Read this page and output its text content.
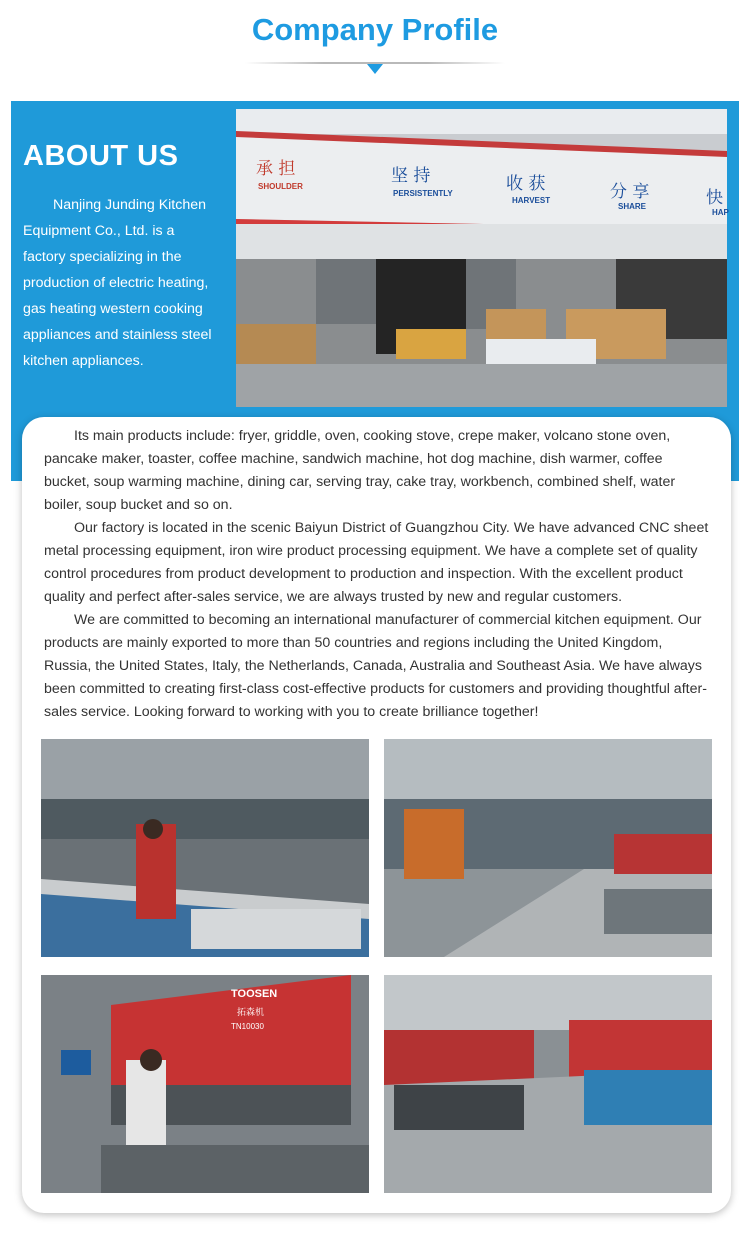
Company Profile
ABOUT US

Nanjing Junding Kitchen Equipment Co., Ltd. is a factory specializing in the production of electric heating, gas heating western cooking appliances and stainless steel kitchen appliances.

承 担
SHOULDER
坚 持
PERSISTENTLY	收 获
HARVEST	分 享
SHARE	快
HAP

Its main products include: fryer, griddle, oven, cooking stove, crepe maker, volcano stone oven, pancake maker, toaster, coffee machine, sandwich machine, hot dog machine, dish warmer, coffee bucket, soup warming machine, dining car, serving tray, cake tray, workbench, combined shelf, water boiler, soup bucket and so on.

Our factory is located in the scenic Baiyun District of Guangzhou City. We have advanced CNC sheet metal processing equipment, iron wire product processing equipment. We have a complete set of quality control procedures from product development to production and inspection. With the excellent product quality and perfect after-sales service, we are always trusted by new and regular customers.

We are committed to becoming an international manufacturer of commercial kitchen equipment. Our products are mainly exported to more than 50 countries and regions including the United Kingdom, Russia, the United States, Italy, the Netherlands, Canada, Australia and Southeast Asia. We have always been committed to creating first-class cost-effective products for customers and providing thoughtful after-sales service. Looking forward to working with you to create brilliance together!

TOOSEN
拓森机
TN10030
